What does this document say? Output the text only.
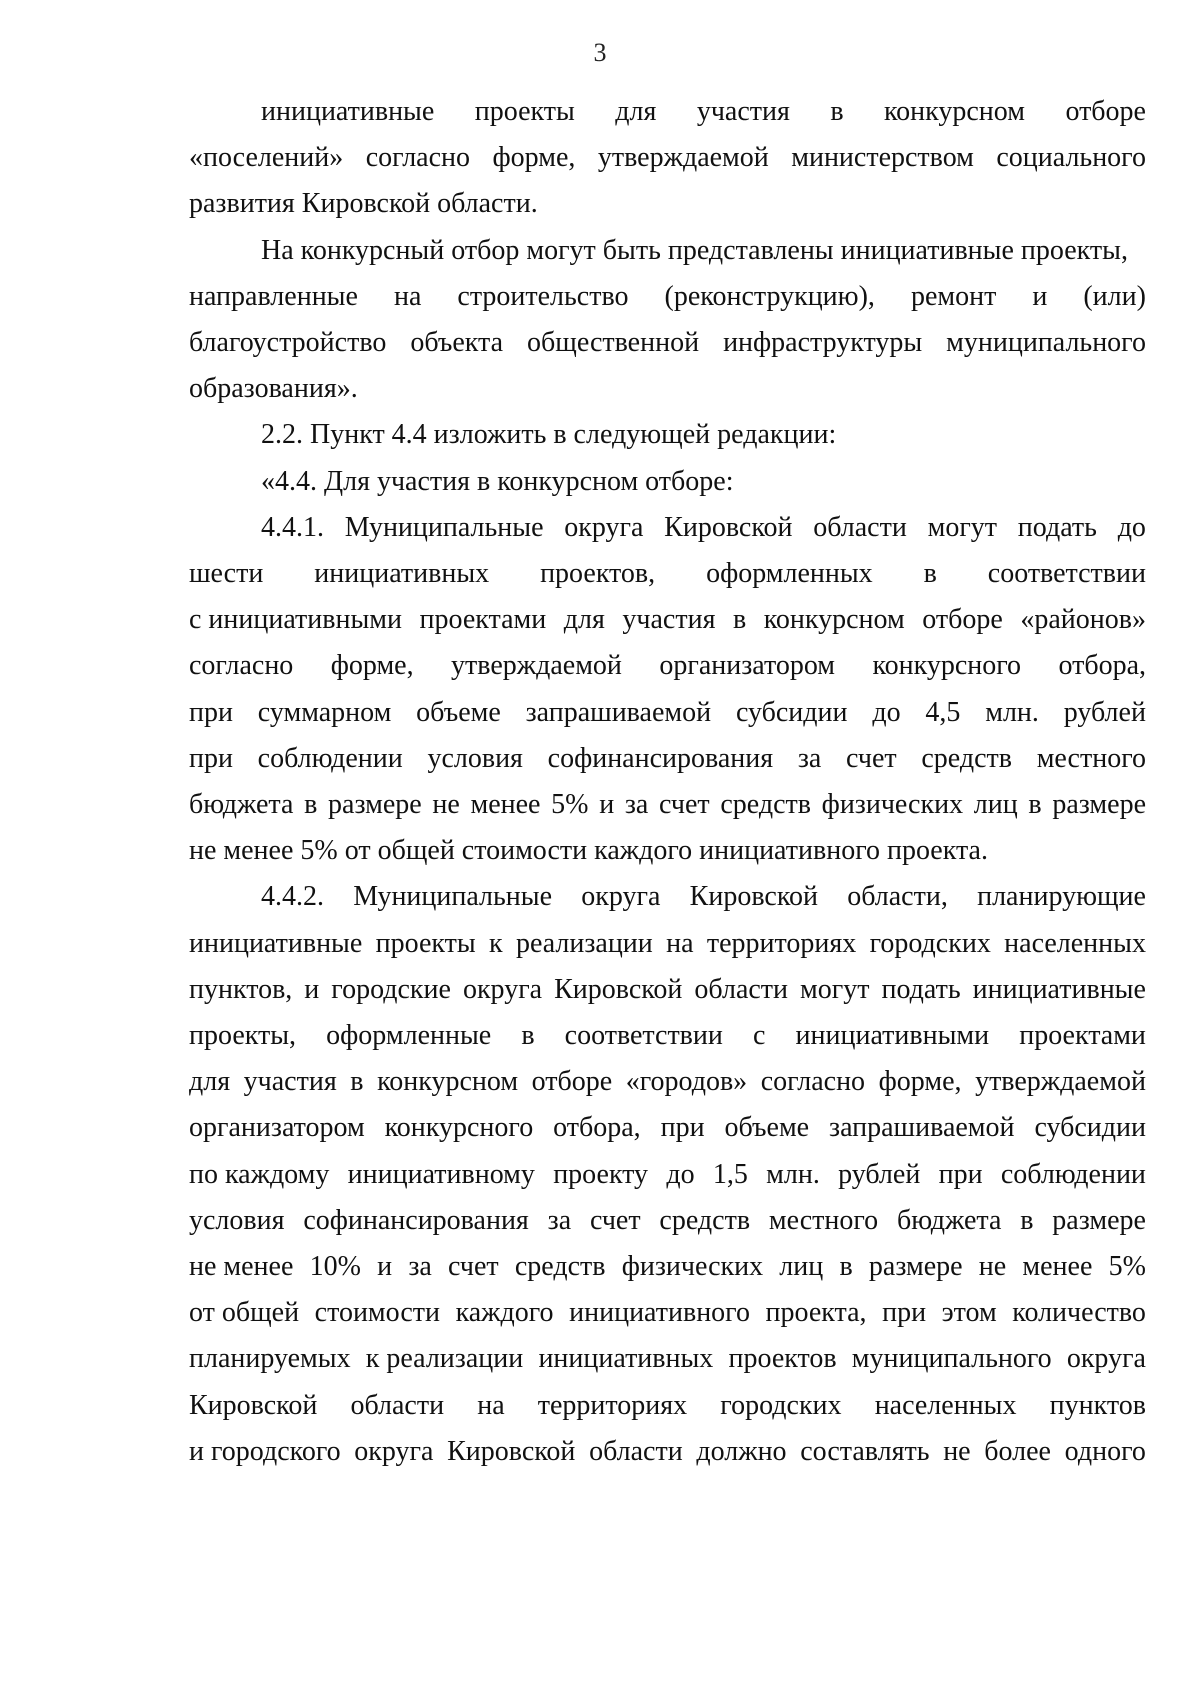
3
инициативные проекты для участия в конкурсном отборе
«поселений» согласно форме, утверждаемой министерством социального
развития Кировской области.
На конкурсный отбор могут быть представлены инициативные проекты,
направленные на строительство (реконструкцию), ремонт и (или)
благоустройство объекта общественной инфраструктуры муниципального
образования».
2.2. Пункт 4.4 изложить в следующей редакции:
«4.4. Для участия в конкурсном отборе:
4.4.1. Муниципальные округа Кировской области могут подать до
шести инициативных проектов, оформленных в соответствии
с инициативными проектами для участия в конкурсном отборе «районов»
согласно форме, утверждаемой организатором конкурсного отбора,
при суммарном объеме запрашиваемой субсидии до 4,5 млн. рублей
при соблюдении условия софинансирования за счет средств местного
бюджета в размере не менее 5% и за счет средств физических лиц в размере
не менее 5% от общей стоимости каждого инициативного проекта.
4.4.2. Муниципальные округа Кировской области, планирующие
инициативные проекты к реализации на территориях городских населенных
пунктов, и городские округа Кировской области могут подать инициативные
проекты, оформленные в соответствии с инициативными проектами
для участия в конкурсном отборе «городов» согласно форме, утверждаемой
организатором конкурсного отбора, при объеме запрашиваемой субсидии
по каждому инициативному проекту до 1,5 млн. рублей при соблюдении
условия софинансирования за счет средств местного бюджета в размере
не менее 10% и за счет средств физических лиц в размере не менее 5%
от общей стоимости каждого инициативного проекта, при этом количество
планируемых к реализации инициативных проектов муниципального округа
Кировской области на территориях городских населенных пунктов
и городского округа Кировской области должно составлять не более одного
